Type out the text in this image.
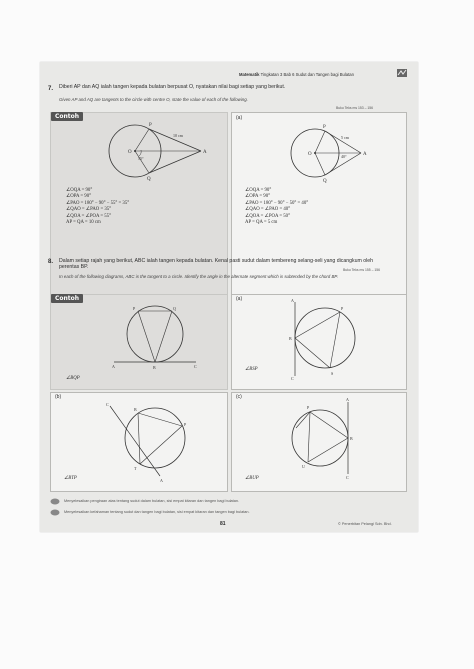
Matematik Tingkatan 3 Bab 6 Sudut dan Tangen bagi Bulatan
7. Diberi AP dan AQ ialah tangen kepada bulatan berpusat O, nyatakan nilai bagi setiap yang berikut.
Given AP and AQ are tangents to the circle with centre O, state the value of each of the following.
Buku Teks ms 153 – 156
Contoh
P
Q
O	A
55°
10 cm
∠OQA = 90°
∠OPA = 90°
∠PAO = 180° − 90° − 55° = 35°
∠QAO = ∠PAO = 35°
∠QOA = ∠POA = 55°
AP = QA = 10 cm
(a)
P
Q
O	A
40°
5 cm
∠OQA = 90°
∠OPA = 90°
∠PAO = 180° − 90° − 50° = 40°
∠QAO = ∠PAO = 40°
∠QOA = ∠POA = 50°
AP = QA = 5 cm
8. Dalam setiap rajah yang berikut, ABC ialah tangen kepada bulatan. Kenal pasti sudut dalam tembereng selang-seli yang dicangkum oleh perentas BP.
In each of the following diagrams, ABC is the tangent to a circle. Identify the angle in the alternate segment which is subtended by the chord BP.
Buku Teks ms 155 – 156
Contoh
A	B	C
P	Q
∠BQP
(a)	A
B
C
P
S
∠BSP
(b)
C
B
P
T
A
∠BTP
(c)	A
B
C
P
U
∠BUP
Menyelesaikan pengiraan atas tentang sudut dalam bulatan, sisi empat kitaran dan tangen bagi bulatan.
Menyelesaikan kefahaman tentang sudut dan tangen bagi bulatan, sisi empat kitaran dan tangen bagi bulatan.
81	© Penerbitan Pelangi Sdn. Bhd.
